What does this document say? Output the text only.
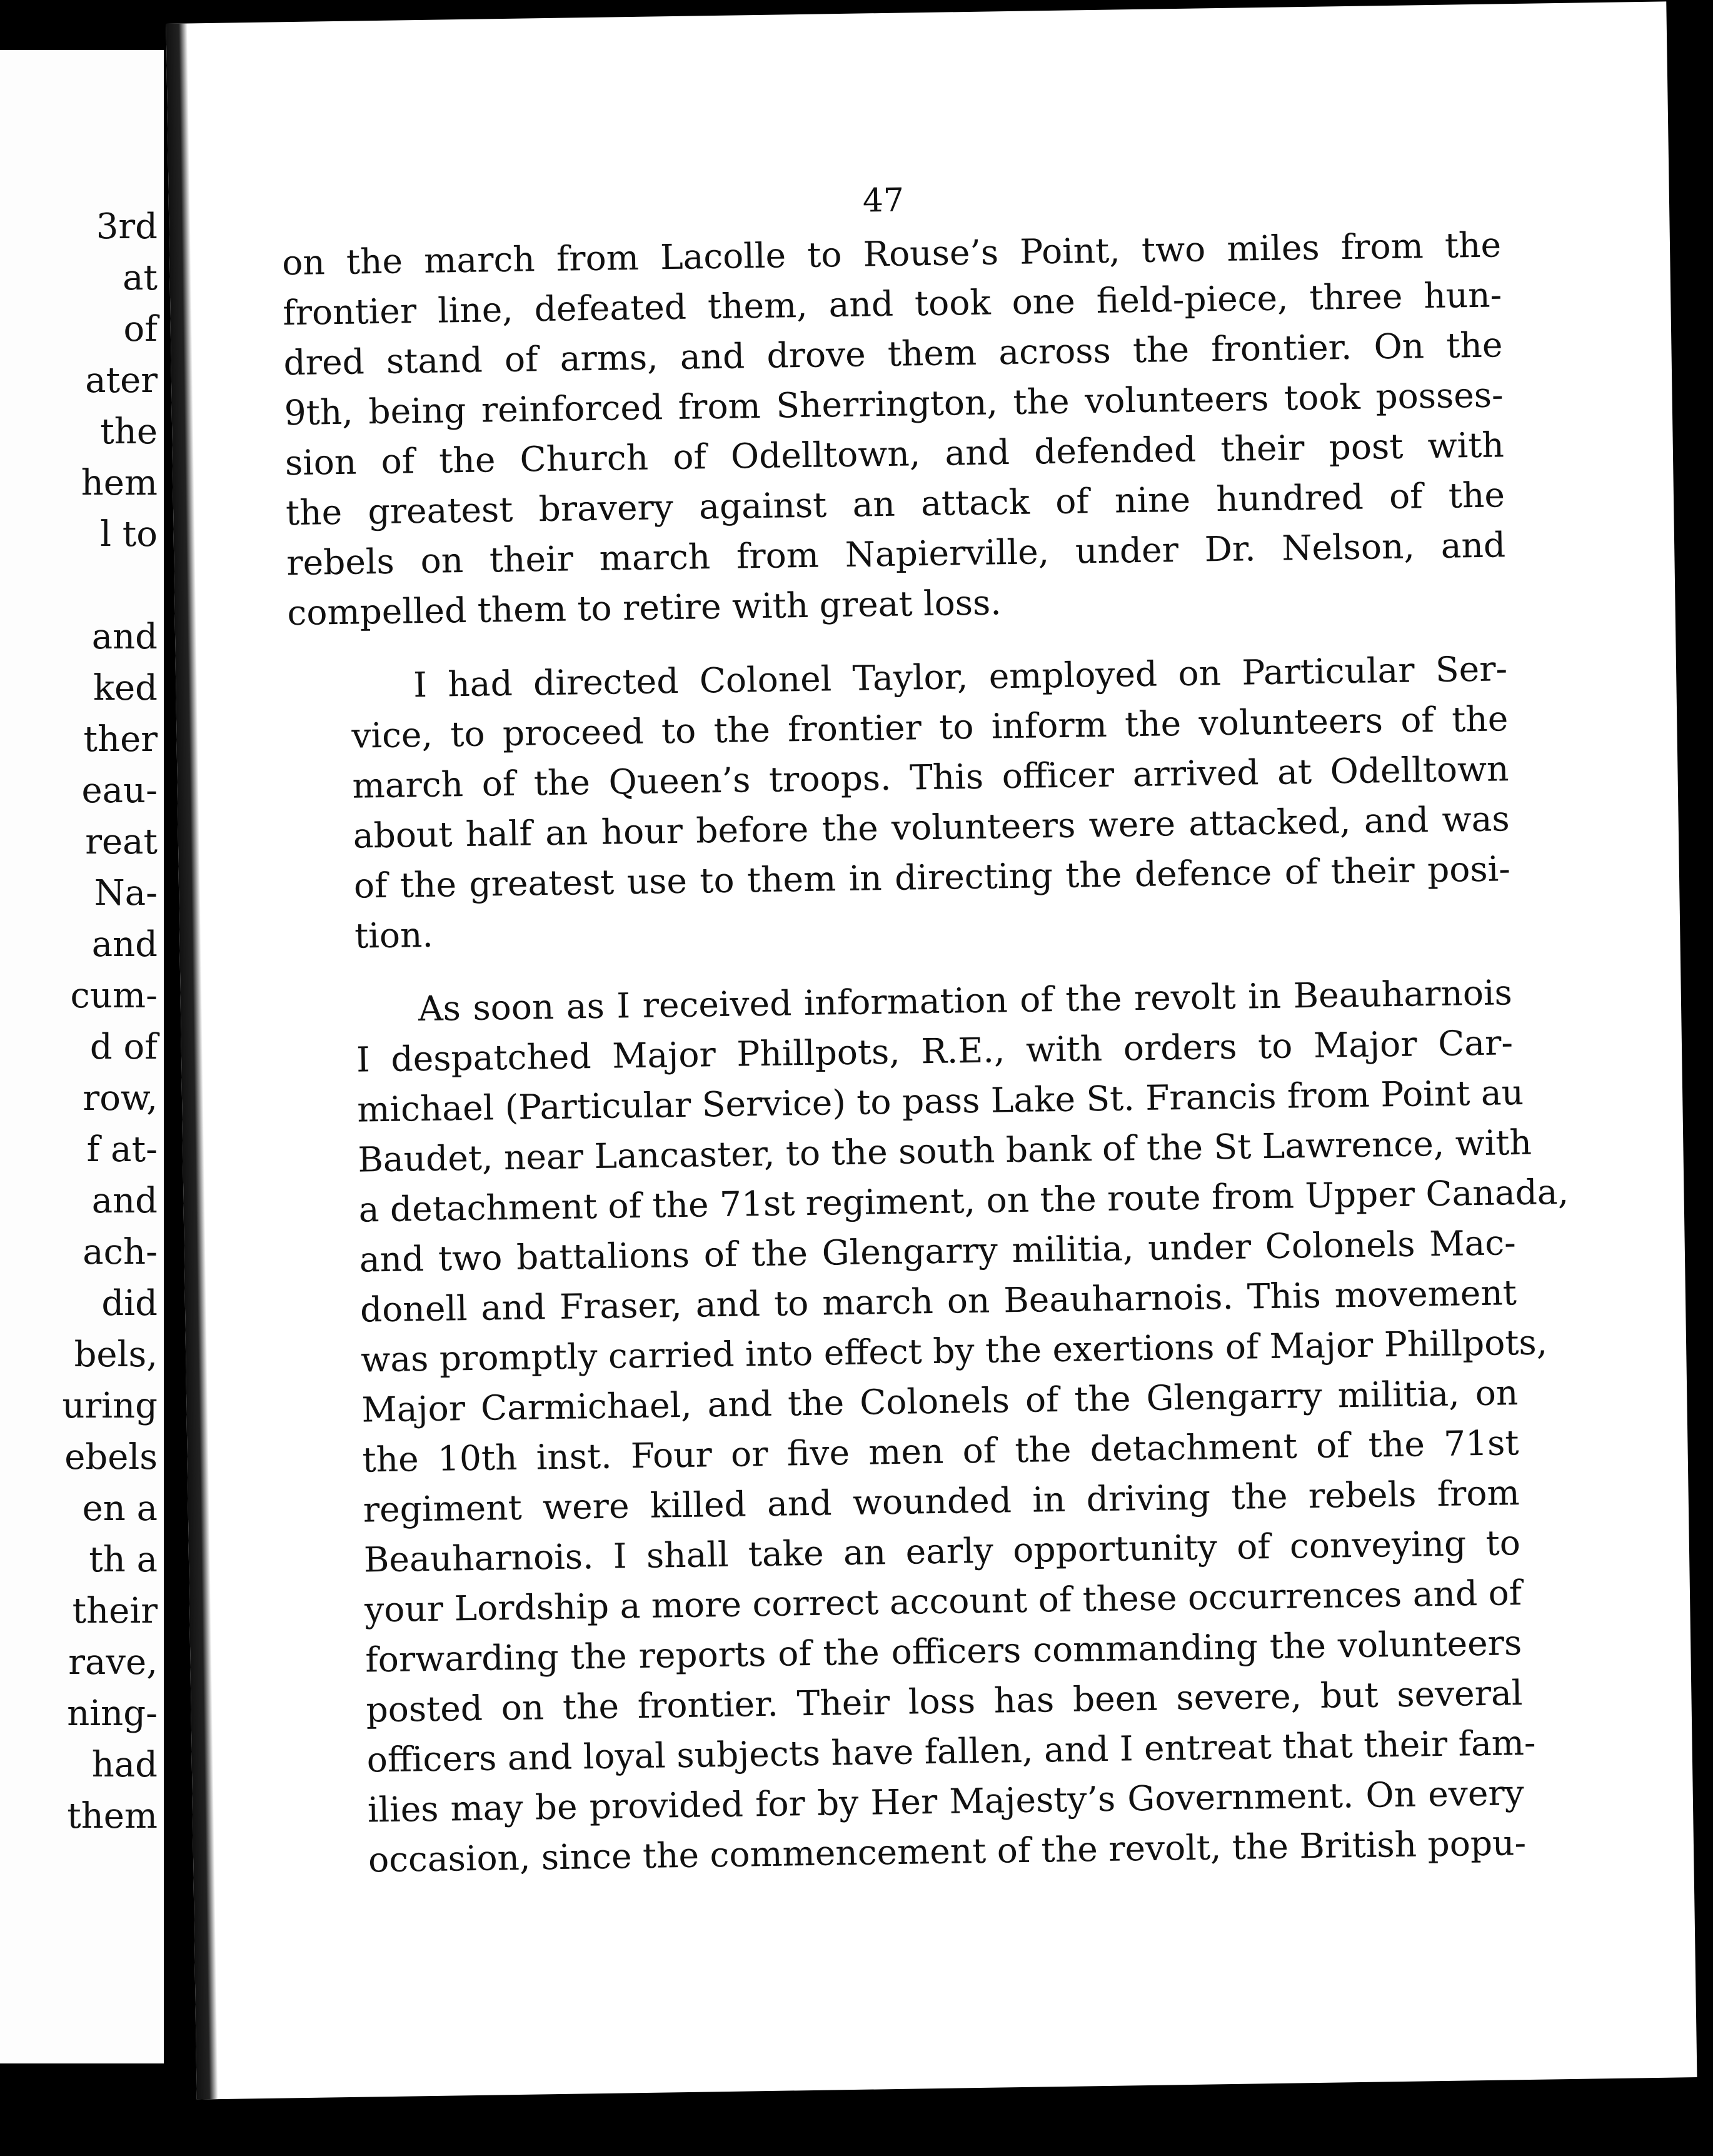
3rd
at
of
ater
the
hem
l to
and
ked
ther
eau-
reat
Na-
and
cum-
d of
row,
f at-
and
ach-
did
bels,
uring
ebels
en a
th a
their
rave,
ning-
had
them
47
on the march from Lacolle to Rouse’s Point, two miles from the
frontier line, defeated them, and took one field-piece, three hun-
dred stand of arms, and drove them across the frontier. On the
9th, being reinforced from Sherrington, the volunteers took posses-
sion of the Church of Odelltown, and defended their post with
the greatest bravery against an attack of nine hundred of the
rebels on their march from Napierville, under Dr. Nelson, and
compelled them to retire with great loss.
I had directed Colonel Taylor, employed on Particular Ser-
vice, to proceed to the frontier to inform the volunteers of the
march of the Queen’s troops. This officer arrived at Odelltown
about half an hour before the volunteers were attacked, and was
of the greatest use to them in directing the defence of their posi-
tion.
As soon as I received information of the revolt in Beauharnois
I despatched Major Phillpots, R.E., with orders to Major Car-
michael (Particular Service) to pass Lake St. Francis from Point au
Baudet, near Lancaster, to the south bank of the St Lawrence, with
a detachment of the 71st regiment, on the route from Upper Canada,
and two battalions of the Glengarry militia, under Colonels Mac-
donell and Fraser, and to march on Beauharnois. This movement
was promptly carried into effect by the exertions of Major Phillpots,
Major Carmichael, and the Colonels of the Glengarry militia, on
the 10th inst. Four or five men of the detachment of the 71st
regiment were killed and wounded in driving the rebels from
Beauharnois. I shall take an early opportunity of conveying to
your Lordship a more correct account of these occurrences and of
forwarding the reports of the officers commanding the volunteers
posted on the frontier. Their loss has been severe, but several
officers and loyal subjects have fallen, and I entreat that their fam-
ilies may be provided for by Her Majesty’s Government. On every
occasion, since the commencement of the revolt, the British popu-
